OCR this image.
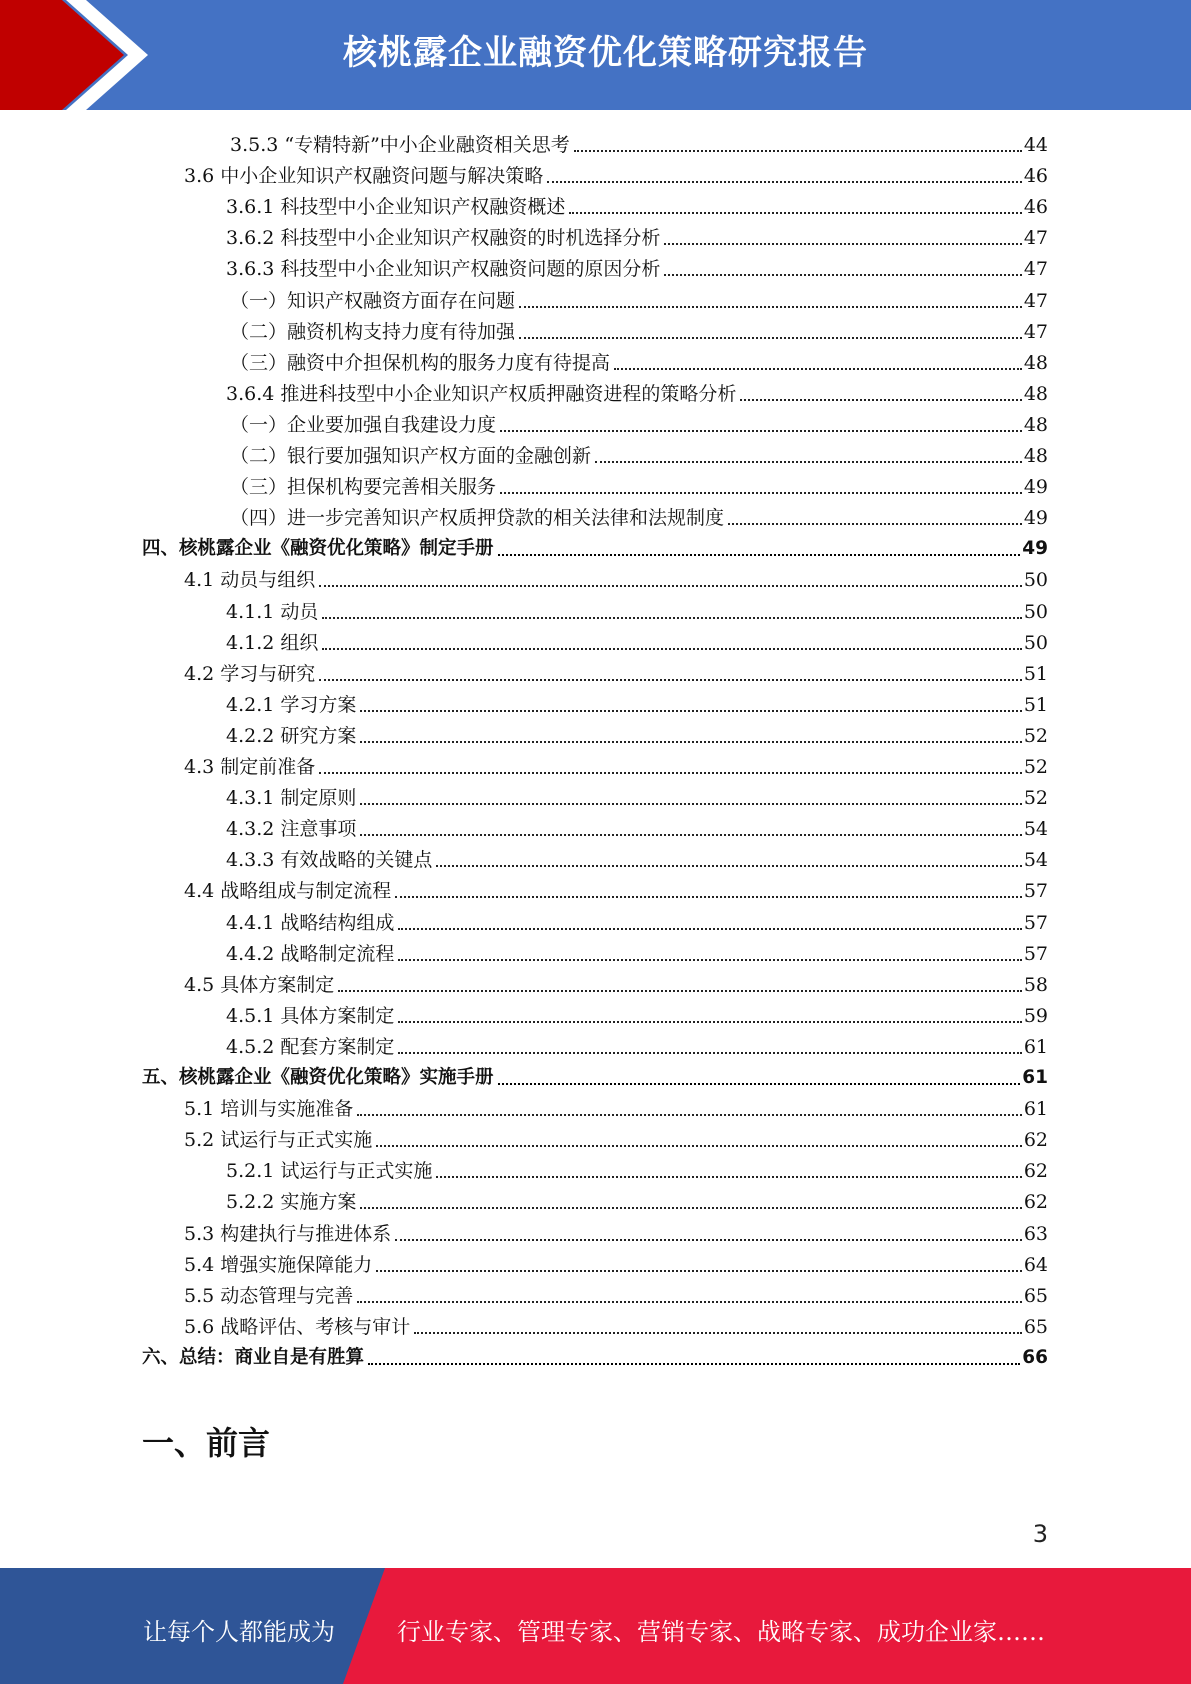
核桃露企业融资优化策略研究报告
3.5.3 “专精特新”中小企业融资相关思考	44
3.6 中小企业知识产权融资问题与解决策略	46
3.6.1 科技型中小企业知识产权融资概述	46
3.6.2 科技型中小企业知识产权融资的时机选择分析	47
3.6.3 科技型中小企业知识产权融资问题的原因分析	47
（一）知识产权融资方面存在问题	47
（二）融资机构支持力度有待加强	47
（三）融资中介担保机构的服务力度有待提高	48
3.6.4 推进科技型中小企业知识产权质押融资进程的策略分析	48
（一）企业要加强自我建设力度	48
（二）银行要加强知识产权方面的金融创新	48
（三）担保机构要完善相关服务	49
（四）进一步完善知识产权质押贷款的相关法律和法规制度	49
四、核桃露企业《融资优化策略》制定手册	49
4.1 动员与组织	50
4.1.1 动员	50
4.1.2 组织	50
4.2 学习与研究	51
4.2.1 学习方案	51
4.2.2 研究方案	52
4.3 制定前准备	52
4.3.1 制定原则	52
4.3.2 注意事项	54
4.3.3 有效战略的关键点	54
4.4 战略组成与制定流程	57
4.4.1 战略结构组成	57
4.4.2 战略制定流程	57
4.5 具体方案制定	58
4.5.1 具体方案制定	59
4.5.2 配套方案制定	61
五、核桃露企业《融资优化策略》实施手册	61
5.1 培训与实施准备	61
5.2 试运行与正式实施	62
5.2.1 试运行与正式实施	62
5.2.2 实施方案	62
5.3 构建执行与推进体系	63
5.4 增强实施保障能力	64
5.5 动态管理与完善	65
5.6 战略评估、考核与审计	65
六、总结：商业自是有胜算	66
一、前言
3
让每个人都能成为	行业专家、管理专家、营销专家、战略专家、成功企业家……
